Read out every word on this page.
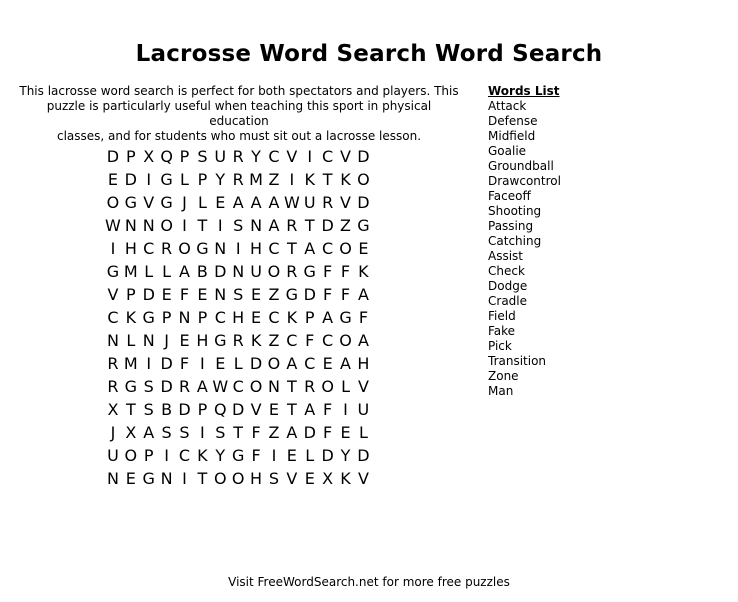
Lacrosse Word Search Word Search
This lacrosse word search is perfect for both spectators and players. This
puzzle is particularly useful when teaching this sport in physical education
classes, and for students who must sit out a lacrosse lesson.
Words List
Attack
Defense
Midfield
Goalie
Groundball
Drawcontrol
Faceoff
Shooting
Passing
Catching
Assist
Check
Dodge
Cradle
Field
Fake
Pick
Transition
Zone
Man
D P X Q P S U R Y C V I C V D
E D I G L P Y R M Z I K T K O
O G V G J L E A A A W U R V D
W N N O I T I S N A R T D Z G
I H C R O G N I H C T A C O E
G M L L A B D N U O R G F F K
V P D E F E N S E Z G D F F A
C K G P N P C H E C K P A G F
N L N J E H G R K Z C F C O A
R M I D F I E L D O A C E A H
R G S D R A W C O N T R O L V
X T S B D P Q D V E T A F I U
J X A S S I S T F Z A D F E L
U O P I C K Y G F I E L D Y D
N E G N I T O O H S V E X K V
Visit FreeWordSearch.net for more free puzzles
